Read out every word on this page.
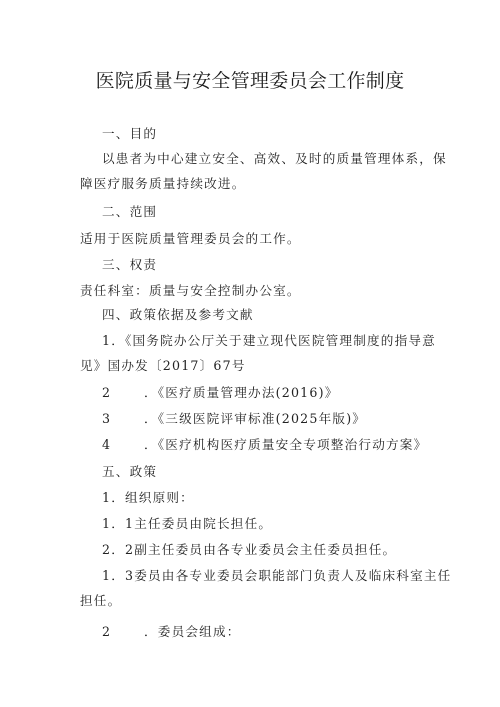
医院质量与安全管理委员会工作制度
一、目的
以患者为中心建立安全、高效、及时的质量管理体系，保
障医疗服务质量持续改进。
二、范围
适用于医院质量管理委员会的工作。
三、权责
责任科室：质量与安全控制办公室。
四、政策依据及参考文献
1．《国务院办公厅关于建立现代医院管理制度的指导意
见》国办发〔2017〕67号
2	．《医疗质量管理办法(2016)》
3	．《三级医院评审标准(2025年版)》
4	．《医疗机构医疗质量安全专项整治行动方案》
五、政策
1．组织原则：
1．1主任委员由院长担任。
2．2副主任委员由各专业委员会主任委员担任。
1．3委员由各专业委员会职能部门负责人及临床科室主任
担任。
2	．委员会组成：
